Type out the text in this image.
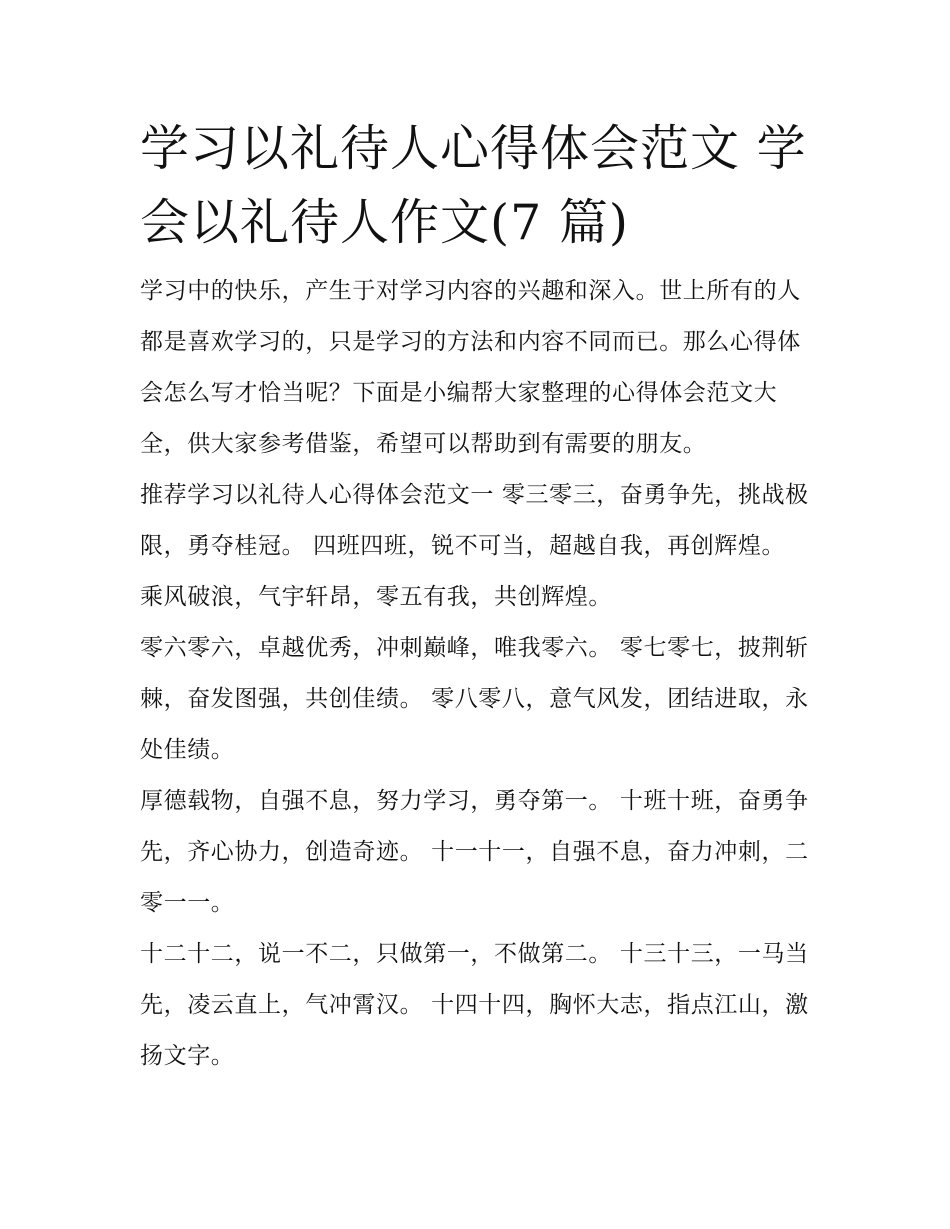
学习以礼待人心得体会范文 学会以礼待人作文(7 篇)

学习中的快乐，产生于对学习内容的兴趣和深入。世上所有的人都是喜欢学习的，只是学习的方法和内容不同而已。那么心得体会怎么写才恰当呢？下面是小编帮大家整理的心得体会范文大全，供大家参考借鉴，希望可以帮助到有需要的朋友。

推荐学习以礼待人心得体会范文一 零三零三，奋勇争先，挑战极限，勇夺桂冠。 四班四班，锐不可当，超越自我，再创辉煌。 乘风破浪，气宇轩昂，零五有我，共创辉煌。

零六零六，卓越优秀，冲刺巅峰，唯我零六。 零七零七，披荆斩棘，奋发图强，共创佳绩。 零八零八，意气风发，团结进取，永处佳绩。

厚德载物，自强不息，努力学习，勇夺第一。 十班十班，奋勇争先，齐心协力，创造奇迹。 十一十一，自强不息，奋力冲刺，二零一一。

十二十二，说一不二，只做第一，不做第二。 十三十三，一马当先，凌云直上，气冲霄汉。 十四十四，胸怀大志，指点江山，激扬文字。
